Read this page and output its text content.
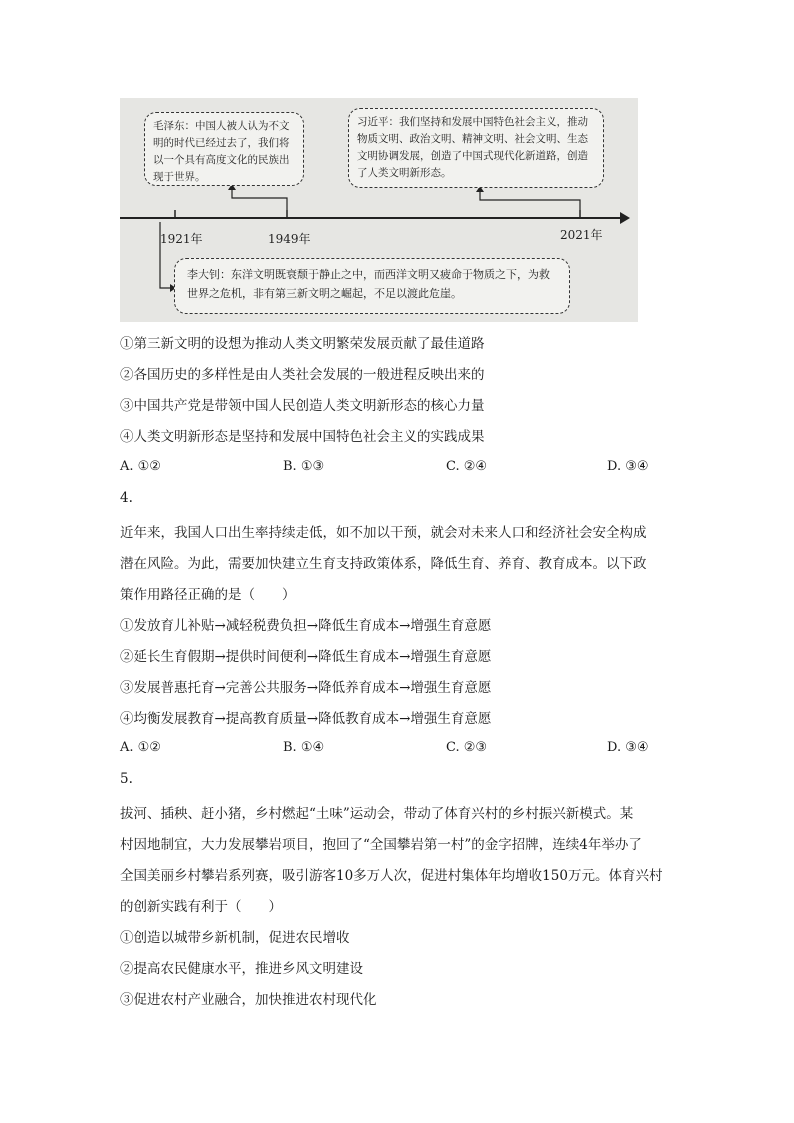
毛泽东：中国人被人认为不文明的时代已经过去了，我们将以一个具有高度文化的民族出现于世界。
习近平：我们坚持和发展中国特色社会主义，推动物质文明、政治文明、精神文明、社会文明、生态文明协调发展，创造了中国式现代化新道路，创造了人类文明新形态。
李大钊：东洋文明既衰颓于静止之中，而西洋文明又疲命于物质之下，为救世界之危机，非有第三新文明之崛起，不足以渡此危崖。
1921年	1949年	2021年
①第三新文明的设想为推动人类文明繁荣发展贡献了最佳道路
②各国历史的多样性是由人类社会发展的一般进程反映出来的
③中国共产党是带领中国人民创造人类文明新形态的核心力量
④人类文明新形态是坚持和发展中国特色社会主义的实践成果
A. ①②	B. ①③	C. ②④	D. ③④
4.
近年来，我国人口出生率持续走低，如不加以干预，就会对未来人口和经济社会安全构成
潜在风险。为此，需要加快建立生育支持政策体系，降低生育、养育、教育成本。以下政
策作用路径正确的是（　　）
①发放育儿补贴→减轻税费负担→降低生育成本→增强生育意愿
②延长生育假期→提供时间便利→降低生育成本→增强生育意愿
③发展普惠托育→完善公共服务→降低养育成本→增强生育意愿
④均衡发展教育→提高教育质量→降低教育成本→增强生育意愿
A. ①②	B. ①④	C. ②③	D. ③④
5.
拔河、插秧、赶小猪，乡村燃起“土味”运动会，带动了体育兴村的乡村振兴新模式。某
村因地制宜，大力发展攀岩项目，抱回了“全国攀岩第一村”的金字招牌，连续4年举办了
全国美丽乡村攀岩系列赛，吸引游客10多万人次，促进村集体年均增收150万元。体育兴村
的创新实践有利于（　　）
①创造以城带乡新机制，促进农民增收
②提高农民健康水平，推进乡风文明建设
③促进农村产业融合，加快推进农村现代化
